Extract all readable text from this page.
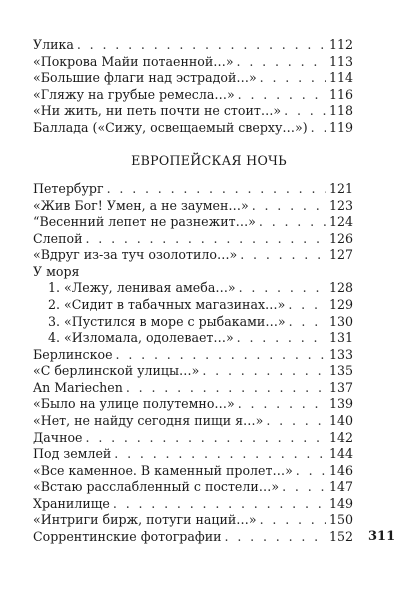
Улика . . .	112
«Покрова Майи потаенной…» . . .	113
«Большие флаги над эстрадой…» . . .	114
«Гляжу на грубые ремесла…» . . .	116
«Ни жить, ни петь почти не стоит…» . . .	118
Баллада («Сижу, освещаемый сверху…») . . . 119
ЕВРОПЕЙСКАЯ НОЧЬ
Петербург . . .	121
«Жив Бог! Умен, а не заумен…» . . .	123
“Весенний лепет не разнежит…» . . .	124
Слепой . . .	126
«Вдруг из-за туч озолотило…» . . .	127
У моря
1. «Лежу, ленивая амеба…» . . .	128
2. «Сидит в табачных магазинах…» . . .	129
3. «Пустился в море с рыбаками…» . . .	130
4. «Изломала, одолевает…» . . .	131
Берлинское . . .	133
«С берлинской улицы…» . . .	135
An Mariechen . . .	137
«Было на улице полутемно…» . . .	139
«Нет, не найду сегодня пищи я…» . . .	140
Дачное . . .	142
Под землей . . .	144
«Все каменное. В каменный пролет…» . . .	146
«Встаю расслабленный с постели…» . . .	147
Хранилище . . .	149
«Интриги бирж, потуги наций…» . . .	150
Соррентинские фотографии . . .	152 311
